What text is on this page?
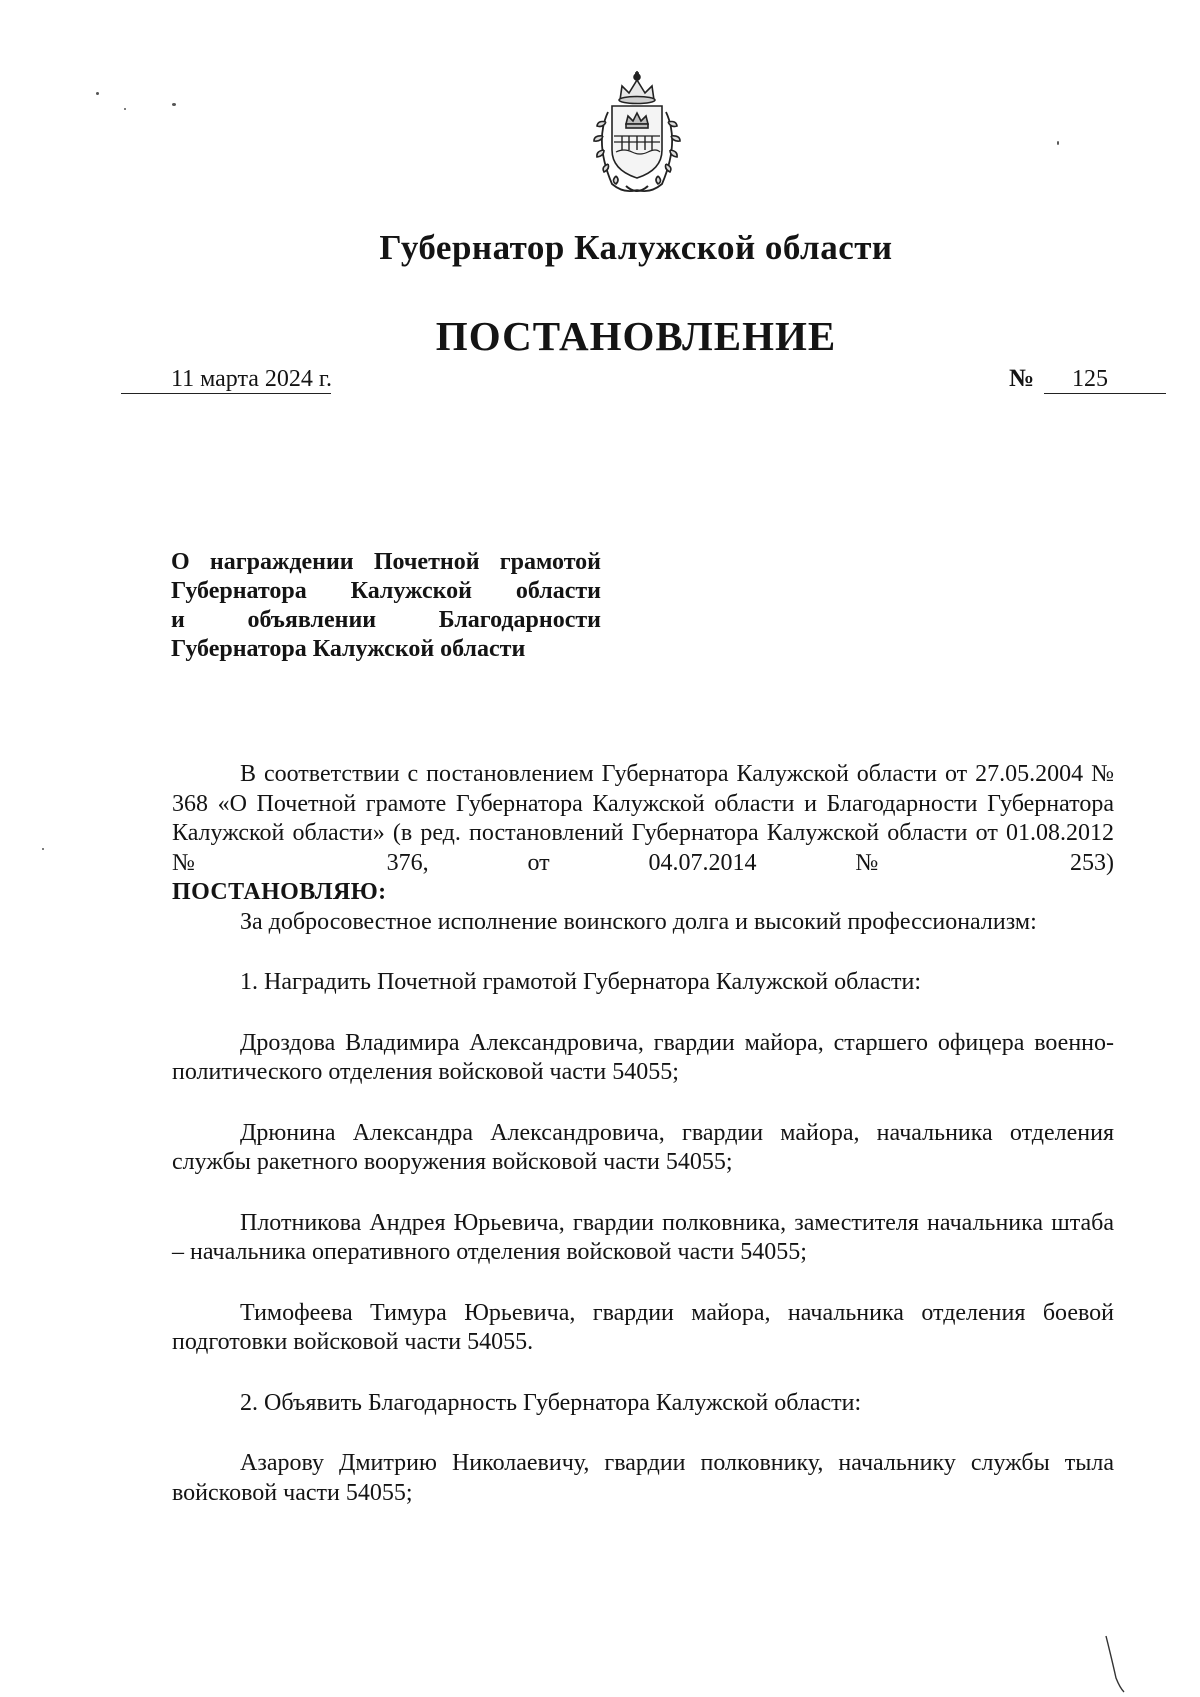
Губернатор Калужской области
ПОСТАНОВЛЕНИЕ
11 марта 2024 г.	№ 125
О награждении Почетной грамотой
Губернатора Калужской области
и объявлении Благодарности
Губернатора Калужской области

В соответствии с постановлением Губернатора Калужской области от 27.05.2004 № 368 «О Почетной грамоте Губернатора Калужской области и Благодарности Губернатора Калужской области» (в ред. постановлений Губернатора Калужской области от 01.08.2012 № 376, от 04.07.2014 № 253)

ПОСТАНОВЛЯЮ:

За добросовестное исполнение воинского долга и высокий профессионализм:

1. Наградить Почетной грамотой Губернатора Калужской области:

Дроздова Владимира Александровича, гвардии майора, старшего офицера военно-политического отделения войсковой части 54055;

Дрюнина Александра Александровича, гвардии майора, начальника отделения службы ракетного вооружения войсковой части 54055;

Плотникова Андрея Юрьевича, гвардии полковника, заместителя начальника штаба – начальника оперативного отделения войсковой части 54055;

Тимофеева Тимура Юрьевича, гвардии майора, начальника отделения боевой подготовки войсковой части 54055.

2. Объявить Благодарность Губернатора Калужской области:

Азарову Дмитрию Николаевичу, гвардии полковнику, начальнику службы тыла войсковой части 54055;
